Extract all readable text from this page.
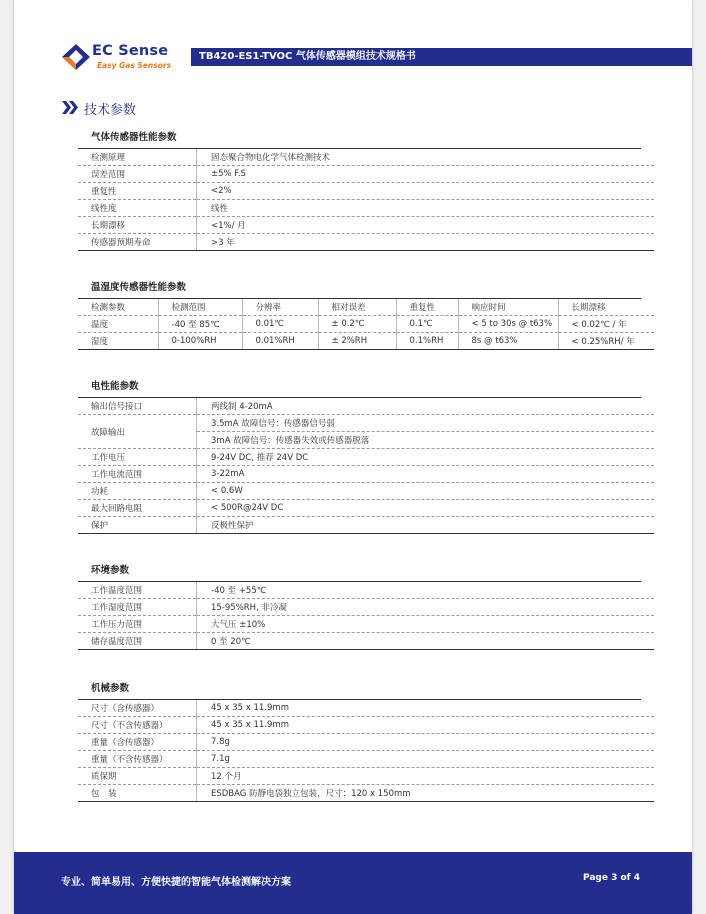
EC Sense
Easy Gas Sensors
TB420-ES1-TVOC 气体传感器模组技术规格书
技术参数
气体传感器性能参数
检测原理	固态聚合物电化学气体检测技术
误差范围	±5% F.S
重复性	<2%
线性度	线性
长期漂移	<1%/ 月
传感器预期寿命	>3 年
温湿度传感器性能参数
检测参数	检测范围	分辨率	相对误差	重复性	响应时间	长期漂移
温度	-40 至 85℃	0.01℃	± 0.2℃	0.1℃	< 5 to 30s @ t63%	< 0.02℃ / 年
湿度	0-100%RH	0.01%RH	± 2%RH	0.1%RH	8s @ t63%	< 0.25%RH/ 年
电性能参数
输出信号接口	两线制 4-20mA
故障输出	3.5mA 故障信号：传感器信号弱
	3mA 故障信号：传感器失效或传感器脱落
工作电压	9-24V DC, 推荐 24V DC
工作电流范围	3-22mA
功耗	< 0.6W
最大回路电阻	< 500R@24V DC
保护	反极性保护
环境参数
工作温度范围	-40 至 +55℃
工作湿度范围	15-95%RH, 非冷凝
工作压力范围	大气压 ±10%
储存温度范围	0 至 20℃
机械参数
尺寸（含传感器）	45 x 35 x 11.9mm
尺寸（不含传感器）	45 x 35 x 11.9mm
重量（含传感器）	7.8g
重量（不含传感器）	7.1g
质保期	12 个月
包　装	ESDBAG 防静电袋独立包装，尺寸：120 x 150mm
专业、简单易用、方便快捷的智能气体检测解决方案	Page 3 of 4
